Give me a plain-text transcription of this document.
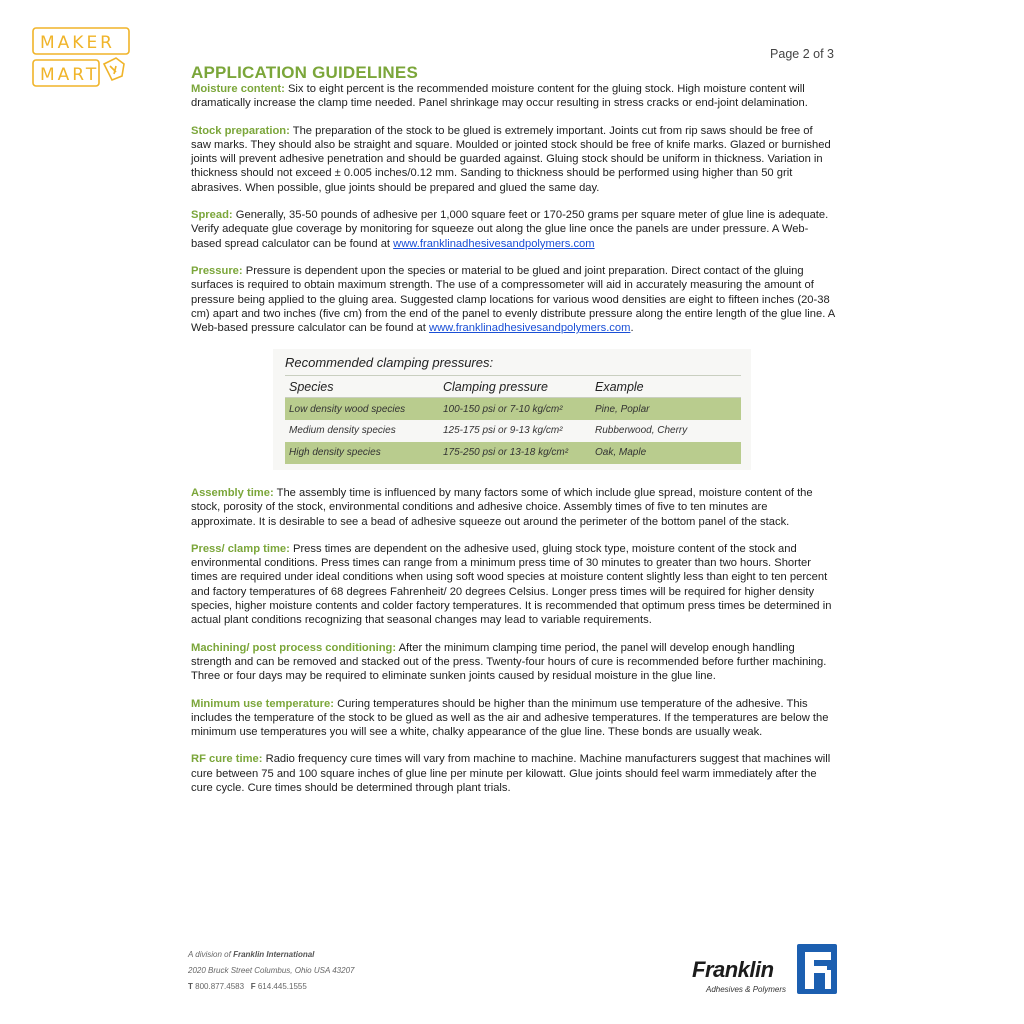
MAKER
MART
Page 2 of 3
APPLICATION GUIDELINES

Moisture content: Six to eight percent is the recommended moisture content for the gluing stock. High moisture content will dramatically increase the clamp time needed. Panel shrinkage may occur resulting in stress cracks or end-joint delamination.

Stock preparation: The preparation of the stock to be glued is extremely important. Joints cut from rip saws should be free of saw marks. They should also be straight and square. Moulded or jointed stock should be free of knife marks. Glazed or burnished joints will prevent adhesive penetration and should be guarded against. Gluing stock should be uniform in thickness. Variation in thickness should not exceed ± 0.005 inches/0.12 mm. Sanding to thickness should be performed using higher than 50 grit abrasives. When possible, glue joints should be prepared and glued the same day.

Spread: Generally, 35-50 pounds of adhesive per 1,000 square feet or 170-250 grams per square meter of glue line is adequate. Verify adequate glue coverage by monitoring for squeeze out along the glue line once the panels are under pressure. A Web-based spread calculator can be found at www.franklinadhesivesandpolymers.com

Pressure: Pressure is dependent upon the species or material to be glued and joint preparation. Direct contact of the gluing surfaces is required to obtain maximum strength. The use of a compressometer will aid in accurately measuring the amount of pressure being applied to the gluing area. Suggested clamp locations for various wood densities are eight to fifteen inches (20-38 cm) apart and two inches (five cm) from the end of the panel to evenly distribute pressure along the entire length of the glue line. A Web-based pressure calculator can be found at www.franklinadhesivesandpolymers.com.

Recommended clamping pressures:
Species	Clamping pressure	Example
Low density wood species	100-150 psi or 7-10 kg/cm²	Pine, Poplar
Medium density species	125-175 psi or 9-13 kg/cm²	Rubberwood, Cherry
High density species	175-250 psi or 13-18 kg/cm²	Oak, Maple

Assembly time: The assembly time is influenced by many factors some of which include glue spread, moisture content of the stock, porosity of the stock, environmental conditions and adhesive choice. Assembly times of five to ten minutes are approximate. It is desirable to see a bead of adhesive squeeze out around the perimeter of the bottom panel of the stack.

Press/ clamp time: Press times are dependent on the adhesive used, gluing stock type, moisture content of the stock and environmental conditions. Press times can range from a minimum press time of 30 minutes to greater than two hours. Shorter times are required under ideal conditions when using soft wood species at moisture content slightly less than eight to ten percent and factory temperatures of 68 degrees Fahrenheit/ 20 degrees Celsius. Longer press times will be required for higher density species, higher moisture contents and colder factory temperatures. It is recommended that optimum press times be determined in actual plant conditions recognizing that seasonal changes may lead to variable requirements.

Machining/ post process conditioning: After the minimum clamping time period, the panel will develop enough handling strength and can be removed and stacked out of the press. Twenty-four hours of cure is recommended before further machining. Three or four days may be required to eliminate sunken joints caused by residual moisture in the glue line.

Minimum use temperature: Curing temperatures should be higher than the minimum use temperature of the adhesive. This includes the temperature of the stock to be glued as well as the air and adhesive temperatures. If the temperatures are below the minimum use temperatures you will see a white, chalky appearance of the glue line. These bonds are usually weak.

RF cure time: Radio frequency cure times will vary from machine to machine. Machine manufacturers suggest that machines will cure between 75 and 100 square inches of glue line per minute per kilowatt. Glue joints should feel warm immediately after the cure cycle. Cure times should be determined through plant trials.

A division of Franklin International
2020 Bruck Street Columbus, Ohio USA 43207
T 800.877.4583 F 614.445.1555
Franklin
Adhesives & Polymers
